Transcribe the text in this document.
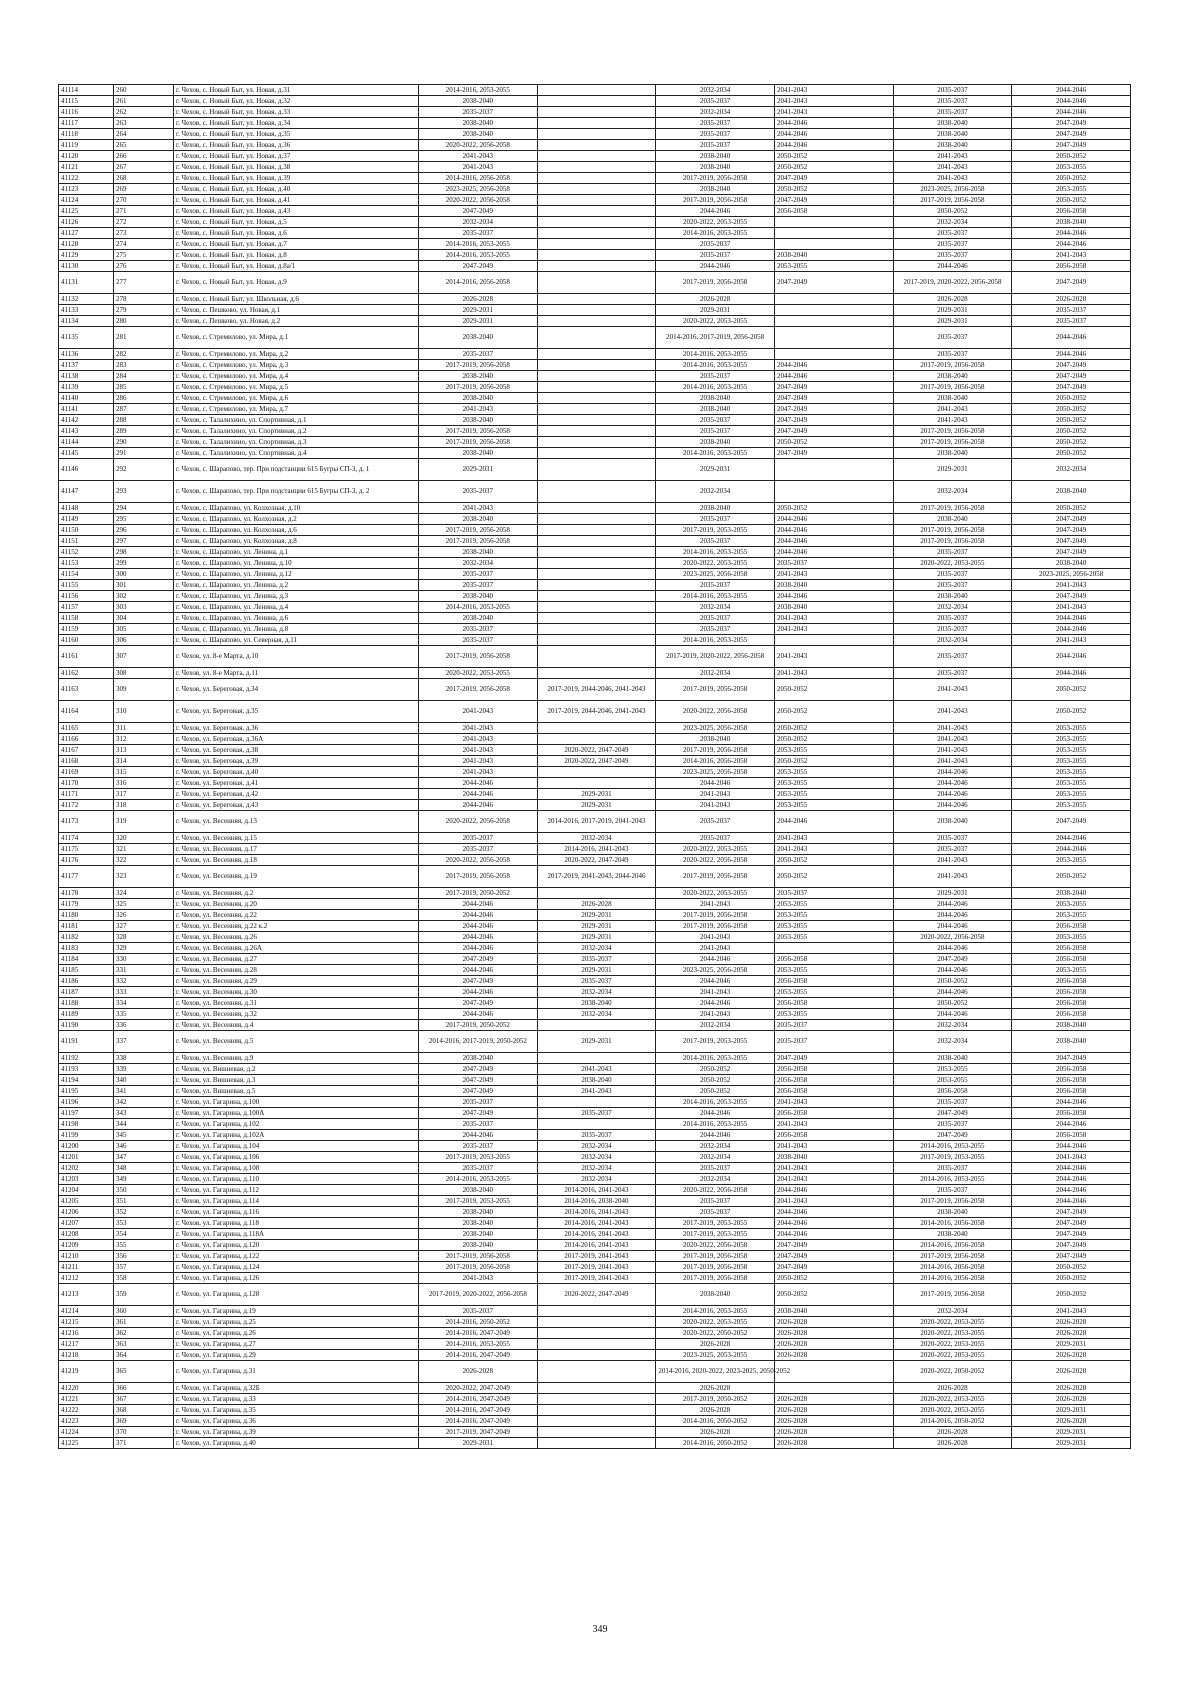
41114	260	г. Чехов, с. Новый Быт, ул. Новая, д.31	2014-2016, 2053-2055		2032-2034	2041-2043	2035-2037	2044-2046
41115	261	г. Чехов, с. Новый Быт, ул. Новая, д.32	2038-2040		2035-2037	2041-2043	2035-2037	2044-2046
41116	262	г. Чехов, с. Новый Быт, ул. Новая, д.33	2035-2037		2032-2034	2041-2043	2035-2037	2044-2046
41117	263	г. Чехов, с. Новый Быт, ул. Новая, д.34	2038-2040		2035-2037	2044-2046	2038-2040	2047-2049
41118	264	г. Чехов, с. Новый Быт, ул. Новая, д.35	2038-2040		2035-2037	2044-2046	2038-2040	2047-2049
41119	265	г. Чехов, с. Новый Быт, ул. Новая, д.36	2020-2022, 2056-2058		2035-2037	2044-2046	2038-2040	2047-2049
41120	266	г. Чехов, с. Новый Быт, ул. Новая, д.37	2041-2043		2038-2040	2050-2052	2041-2043	2050-2052
41121	267	г. Чехов, с. Новый Быт, ул. Новая, д.38	2041-2043		2038-2040	2050-2052	2041-2043	2053-2055
41122	268	г. Чехов, с. Новый Быт, ул. Новая, д.39	2014-2016, 2056-2058		2017-2019, 2056-2058	2047-2049	2041-2043	2050-2052
41123	269	г. Чехов, с. Новый Быт, ул. Новая, д.40	2023-2025, 2056-2058		2038-2040	2050-2052	2023-2025, 2056-2058	2053-2055
41124	270	г. Чехов, с. Новый Быт, ул. Новая, д.41	2020-2022, 2056-2058		2017-2019, 2056-2058	2047-2049	2017-2019, 2056-2058	2050-2052
41125	271	г. Чехов, с. Новый Быт, ул. Новая, д.43	2047-2049		2044-2046	2056-2058	2050-2052	2056-2058
41126	272	г. Чехов, с. Новый Быт, ул. Новая, д.5	2032-2034		2020-2022, 2053-2055		2032-2034	2038-2040
41127	273	г. Чехов, с. Новый Быт, ул. Новая, д.6	2035-2037		2014-2016, 2053-2055		2035-2037	2044-2046
41128	274	г. Чехов, с. Новый Быт, ул. Новая, д.7	2014-2016, 2053-2055		2035-2037		2035-2037	2044-2046
41129	275	г. Чехов, с. Новый Быт, ул. Новая, д.8	2014-2016, 2053-2055		2035-2037	2038-2040	2035-2037	2041-2043
41130	276	г. Чехов, с. Новый Быт, ул. Новая, д.8а/1	2047-2049		2044-2046	2053-2055	2044-2046	2056-2058
41131	277	г. Чехов, с. Новый Быт, ул. Новая, д.9	2014-2016, 2056-2058		2017-2019, 2056-2058	2047-2049	2017-2019, 2020-2022, 2056-2058	2047-2049
41132	278	г. Чехов, с. Новый Быт, ул. Школьная, д.6	2026-2028		2026-2028		2026-2028	2026-2028
41133	279	г. Чехов, с. Пешково, ул. Новая, д.1	2029-2031		2029-2031		2029-2031	2035-2037
41134	280	г. Чехов, с. Пешково, ул. Новая, д.2	2029-2031		2020-2022, 2053-2055		2029-2031	2035-2037
41135	281	г. Чехов, с. Стремилово, ул. Мира, д.1	2038-2040		2014-2016, 2017-2019, 2056-2058		2035-2037	2044-2046
41136	282	г. Чехов, с. Стремилово, ул. Мира, д.2	2035-2037		2014-2016, 2053-2055		2035-2037	2044-2046
41137	283	г. Чехов, с. Стремилово, ул. Мира, д.3	2017-2019, 2056-2058		2014-2016, 2053-2055	2044-2046	2017-2019, 2056-2058	2047-2049
41138	284	г. Чехов, с. Стремилово, ул. Мира, д.4	2038-2040		2035-2037	2044-2046	2038-2040	2047-2049
41139	285	г. Чехов, с. Стремилово, ул. Мира, д.5	2017-2019, 2056-2058		2014-2016, 2053-2055	2047-2049	2017-2019, 2056-2058	2047-2049
41140	286	г. Чехов, с. Стремилово, ул. Мира, д.6	2038-2040		2038-2040	2047-2049	2038-2040	2050-2052
41141	287	г. Чехов, с. Стремилово, ул. Мира, д.7	2041-2043		2038-2040	2047-2049	2041-2043	2050-2052
41142	288	г. Чехов, с. Талалихино, ул. Спортивная, д.1	2038-2040		2035-2037	2047-2049	2041-2043	2050-2052
41143	289	г. Чехов, с. Талалихино, ул. Спортивная, д.2	2017-2019, 2056-2058		2035-2037	2047-2049	2017-2019, 2056-2058	2050-2052
41144	290	г. Чехов, с. Талалихино, ул. Спортивная, д.3	2017-2019, 2056-2058		2038-2040	2050-2052	2017-2019, 2056-2058	2050-2052
41145	291	г. Чехов, с. Талалихино, ул. Спортивная, д.4	2038-2040		2014-2016, 2053-2055	2047-2049	2038-2040	2050-2052
41146	292	г. Чехов, с. Шарапово, тер. При подстанции 615 Бугры СП-3, д. 1	2029-2031		2029-2031		2029-2031	2032-2034
41147	293	г. Чехов, с. Шарапово, тер. При подстанции 615 Бугры СП-3, д. 2	2035-2037		2032-2034		2032-2034	2038-2040
41148	294	г. Чехов, с. Шарапово, ул. Колхозная, д.10	2041-2043		2038-2040	2050-2052	2017-2019, 2056-2058	2050-2052
41149	295	г. Чехов, с. Шарапово, ул. Колхозная, д.2	2038-2040		2035-2037	2044-2046	2038-2040	2047-2049
41150	296	г. Чехов, с. Шарапово, ул. Колхозная, д.6	2017-2019, 2056-2058		2017-2019, 2053-2055	2044-2046	2017-2019, 2056-2058	2047-2049
41151	297	г. Чехов, с. Шарапово, ул. Колхозная, д.8	2017-2019, 2056-2058		2035-2037	2044-2046	2017-2019, 2056-2058	2047-2049
41152	298	г. Чехов, с. Шарапово, ул. Ленина, д.1	2038-2040		2014-2016, 2053-2055	2044-2046	2035-2037	2047-2049
41153	299	г. Чехов, с. Шарапово, ул. Ленина, д.10	2032-2034		2020-2022, 2053-2055	2035-2037	2020-2022, 2053-2055	2038-2040
41154	300	г. Чехов, с. Шарапово, ул. Ленина, д.12	2035-2037		2023-2025, 2056-2058	2041-2043	2035-2037	2023-2025, 2056-2058
41155	301	г. Чехов, с. Шарапово, ул. Ленина, д.2	2035-2037		2035-2037	2038-2040	2035-2037	2041-2043
41156	302	г. Чехов, с. Шарапово, ул. Ленина, д.3	2038-2040		2014-2016, 2053-2055	2044-2046	2038-2040	2047-2049
41157	303	г. Чехов, с. Шарапово, ул. Ленина, д.4	2014-2016, 2053-2055		2032-2034	2038-2040	2032-2034	2041-2043
41158	304	г. Чехов, с. Шарапово, ул. Ленина, д.6	2038-2040		2035-2037	2041-2043	2035-2037	2044-2046
41159	305	г. Чехов, с. Шарапово, ул. Ленина, д.8	2035-2037		2035-2037	2041-2043	2035-2037	2044-2046
41160	306	г. Чехов, с. Шарапово, ул. Северная, д.11	2035-2037		2014-2016, 2053-2055		2032-2034	2041-2043
41161	307	г. Чехов, ул. 8-е Марта, д.10	2017-2019, 2056-2058		2017-2019, 2020-2022, 2056-2058	2041-2043	2035-2037	2044-2046
41162	308	г. Чехов, ул. 8-е Марта, д.11	2020-2022, 2053-2055		2032-2034	2041-2043	2035-2037	2044-2046
41163	309	г. Чехов, ул. Береговая, д.34	2017-2019, 2056-2058	2017-2019, 2044-2046, 2041-2043	2017-2019, 2056-2058	2050-2052	2041-2043	2050-2052
41164	310	г. Чехов, ул. Береговая, д.35	2041-2043	2017-2019, 2044-2046, 2041-2043	2020-2022, 2056-2058	2050-2052	2041-2043	2050-2052
41165	311	г. Чехов, ул. Береговая, д.36	2041-2043		2023-2025, 2056-2058	2050-2052	2041-2043	2053-2055
41166	312	г. Чехов, ул. Береговая, д.36А	2041-2043		2038-2040	2050-2052	2041-2043	2053-2055
41167	313	г. Чехов, ул. Береговая, д.38	2041-2043	2020-2022, 2047-2049	2017-2019, 2056-2058	2053-2055	2041-2043	2053-2055
41168	314	г. Чехов, ул. Береговая, д.39	2041-2043	2020-2022, 2047-2049	2014-2016, 2056-2058	2050-2052	2041-2043	2053-2055
41169	315	г. Чехов, ул. Береговая, д.40	2041-2043		2023-2025, 2056-2058	2053-2055	2044-2046	2053-2055
41170	316	г. Чехов, ул. Береговая, д.41	2044-2046		2044-2046	2053-2055	2044-2046	2053-2055
41171	317	г. Чехов, ул. Береговая, д.42	2044-2046	2029-2031	2041-2043	2053-2055	2044-2046	2053-2055
41172	318	г. Чехов, ул. Береговая, д.43	2044-2046	2029-2031	2041-2043	2053-2055	2044-2046	2053-2055
41173	319	г. Чехов, ул. Весенняя, д.13	2020-2022, 2056-2058	2014-2016, 2017-2019, 2041-2043	2035-2037	2044-2046	2038-2040	2047-2049
41174	320	г. Чехов, ул. Весенняя, д.15	2035-2037	2032-2034	2035-2037	2041-2043	2035-2037	2044-2046
41175	321	г. Чехов, ул. Весенняя, д.17	2035-2037	2014-2016, 2041-2043	2020-2022, 2053-2055	2041-2043	2035-2037	2044-2046
41176	322	г. Чехов, ул. Весенняя, д.18	2020-2022, 2056-2058	2020-2022, 2047-2049	2020-2022, 2056-2058	2050-2052	2041-2043	2053-2055
41177	323	г. Чехов, ул. Весенняя, д.19	2017-2019, 2056-2058	2017-2019, 2041-2043, 2044-2046	2017-2019, 2056-2058	2050-2052	2041-2043	2050-2052
41178	324	г. Чехов, ул. Весенняя, д.2	2017-2019, 2050-2052		2020-2022, 2053-2055	2035-2037	2029-2031	2038-2040
41179	325	г. Чехов, ул. Весенняя, д.20	2044-2046	2026-2028	2041-2043	2053-2055	2044-2046	2053-2055
41180	326	г. Чехов, ул. Весенняя, д.22	2044-2046	2029-2031	2017-2019, 2056-2058	2053-2055	2044-2046	2053-2055
41181	327	г. Чехов, ул. Весенняя, д.22 к.2	2044-2046	2029-2031	2017-2019, 2056-2058	2053-2055	2044-2046	2056-2058
41182	328	г. Чехов, ул. Весенняя, д.26	2044-2046	2029-2031	2041-2043	2053-2055	2020-2022, 2056-2058	2053-2055
41183	329	г. Чехов, ул. Весенняя, д.26А	2044-2046	2032-2034	2041-2043		2044-2046	2056-2058
41184	330	г. Чехов, ул. Весенняя, д.27	2047-2049	2035-2037	2044-2046	2056-2058	2047-2049	2056-2058
41185	331	г. Чехов, ул. Весенняя, д.28	2044-2046	2029-2031	2023-2025, 2056-2058	2053-2055	2044-2046	2053-2055
41186	332	г. Чехов, ул. Весенняя, д.29	2047-2049	2035-2037	2044-2046	2056-2058	2050-2052	2056-2058
41187	333	г. Чехов, ул. Весенняя, д.30	2044-2046	2032-2034	2041-2043	2053-2055	2044-2046	2056-2058
41188	334	г. Чехов, ул. Весенняя, д.31	2047-2049	2038-2040	2044-2046	2056-2058	2050-2052	2056-2058
41189	335	г. Чехов, ул. Весенняя, д.32	2044-2046	2032-2034	2041-2043	2053-2055	2044-2046	2056-2058
41190	336	г. Чехов, ул. Весенняя, д.4	2017-2019, 2050-2052		2032-2034	2035-2037	2032-2034	2038-2040
41191	337	г. Чехов, ул. Весенняя, д.5	2014-2016, 2017-2019, 2050-2052	2029-2031	2017-2019, 2053-2055	2035-2037	2032-2034	2038-2040
41192	338	г. Чехов, ул. Весенняя, д.9	2038-2040		2014-2016, 2053-2055	2047-2049	2038-2040	2047-2049
41193	339	г. Чехов, ул. Вишневая, д.2	2047-2049	2041-2043	2050-2052	2056-2058	2053-2055	2056-2058
41194	340	г. Чехов, ул. Вишневая, д.3	2047-2049	2038-2040	2050-2052	2056-2058	2053-2055	2056-2058
41195	341	г. Чехов, ул. Вишневая, д.5	2047-2049	2041-2043	2050-2052	2056-2058	2056-2058	2056-2058
41196	342	г. Чехов, ул. Гагарина, д.100	2035-2037		2014-2016, 2053-2055	2041-2043	2035-2037	2044-2046
41197	343	г. Чехов, ул. Гагарина, д.100А	2047-2049	2035-2037	2044-2046	2056-2058	2047-2049	2056-2058
41198	344	г. Чехов, ул. Гагарина, д.102	2035-2037		2014-2016, 2053-2055	2041-2043	2035-2037	2044-2046
41199	345	г. Чехов, ул. Гагарина, д.102А	2044-2046	2035-2037	2044-2046	2056-2058	2047-2049	2056-2058
41200	346	г. Чехов, ул. Гагарина, д.104	2035-2037	2032-2034	2032-2034	2041-2043	2014-2016, 2053-2055	2044-2046
41201	347	г. Чехов, ул. Гагарина, д.106	2017-2019, 2053-2055	2032-2034	2032-2034	2038-2040	2017-2019, 2053-2055	2041-2043
41202	348	г. Чехов, ул. Гагарина, д.108	2035-2037	2032-2034	2035-2037	2041-2043	2035-2037	2044-2046
41203	349	г. Чехов, ул. Гагарина, д.110	2014-2016, 2053-2055	2032-2034	2032-2034	2041-2043	2014-2016, 2053-2055	2044-2046
41204	350	г. Чехов, ул. Гагарина, д.112	2038-2040	2014-2016, 2041-2043	2020-2022, 2056-2058	2044-2046	2035-2037	2044-2046
41205	351	г. Чехов, ул. Гагарина, д.114	2017-2019, 2053-2055	2014-2016, 2038-2040	2035-2037	2041-2043	2017-2019, 2056-2058	2044-2046
41206	352	г. Чехов, ул. Гагарина, д.116	2038-2040	2014-2016, 2041-2043	2035-2037	2044-2046	2038-2040	2047-2049
41207	353	г. Чехов, ул. Гагарина, д.118	2038-2040	2014-2016, 2041-2043	2017-2019, 2053-2055	2044-2046	2014-2016, 2056-2058	2047-2049
41208	354	г. Чехов, ул. Гагарина, д.118А	2038-2040	2014-2016, 2041-2043	2017-2019, 2053-2055	2044-2046	2038-2040	2047-2049
41209	355	г. Чехов, ул. Гагарина, д.120	2038-2040	2014-2016, 2041-2043	2020-2022, 2056-2058	2047-2049	2014-2016, 2056-2058	2047-2049
41210	356	г. Чехов, ул. Гагарина, д.122	2017-2019, 2056-2058	2017-2019, 2041-2043	2017-2019, 2056-2058	2047-2049	2017-2019, 2056-2058	2047-2049
41211	357	г. Чехов, ул. Гагарина, д.124	2017-2019, 2056-2058	2017-2019, 2041-2043	2017-2019, 2056-2058	2047-2049	2014-2016, 2056-2058	2050-2052
41212	358	г. Чехов, ул. Гагарина, д.126	2041-2043	2017-2019, 2041-2043	2017-2019, 2056-2058	2050-2052	2014-2016, 2056-2058	2050-2052
41213	359	г. Чехов, ул. Гагарина, д.128	2017-2019, 2020-2022, 2056-2058	2020-2022, 2047-2049	2038-2040	2050-2052	2017-2019, 2056-2058	2050-2052
41214	360	г. Чехов, ул. Гагарина, д.19	2035-2037		2014-2016, 2053-2055	2038-2040	2032-2034	2041-2043
41215	361	г. Чехов, ул. Гагарина, д.25	2014-2016, 2050-2052		2020-2022, 2053-2055	2026-2028	2020-2022, 2053-2055	2026-2028
41216	362	г. Чехов, ул. Гагарина, д.26	2014-2016, 2047-2049		2020-2022, 2050-2052	2026-2028	2020-2022, 2053-2055	2026-2028
41217	363	г. Чехов, ул. Гагарина, д.27	2014-2016, 2053-2055		2026-2028	2026-2028	2020-2022, 2053-2055	2029-2031
41218	364	г. Чехов, ул. Гагарина, д.29	2014-2016, 2047-2049		2023-2025, 2053-2055	2026-2028	2020-2022, 2053-2055	2026-2028
41219	365	г. Чехов, ул. Гагарина, д.31	2026-2028		2014-2016, 2020-2022, 2023-2025, 2050-2052		2020-2022, 2050-2052	2026-2028
41220	366	г. Чехов, ул. Гагарина, д.32Б	2020-2022, 2047-2049		2026-2028		2026-2028	2026-2028
41221	367	г. Чехов, ул. Гагарина, д.33	2014-2016, 2047-2049		2017-2019, 2050-2052	2026-2028	2020-2022, 2053-2055	2026-2028
41222	368	г. Чехов, ул. Гагарина, д.35	2014-2016, 2047-2049		2026-2028	2026-2028	2020-2022, 2053-2055	2029-2031
41223	369	г. Чехов, ул. Гагарина, д.36	2014-2016, 2047-2049		2014-2016, 2050-2052	2026-2028	2014-2016, 2050-2052	2026-2028
41224	370	г. Чехов, ул. Гагарина, д.39	2017-2019, 2047-2049		2026-2028	2026-2028	2026-2028	2029-2031
41225	371	г. Чехов, ул. Гагарина, д.40	2029-2031		2014-2016, 2050-2052	2026-2028	2026-2028	2029-2031
349
